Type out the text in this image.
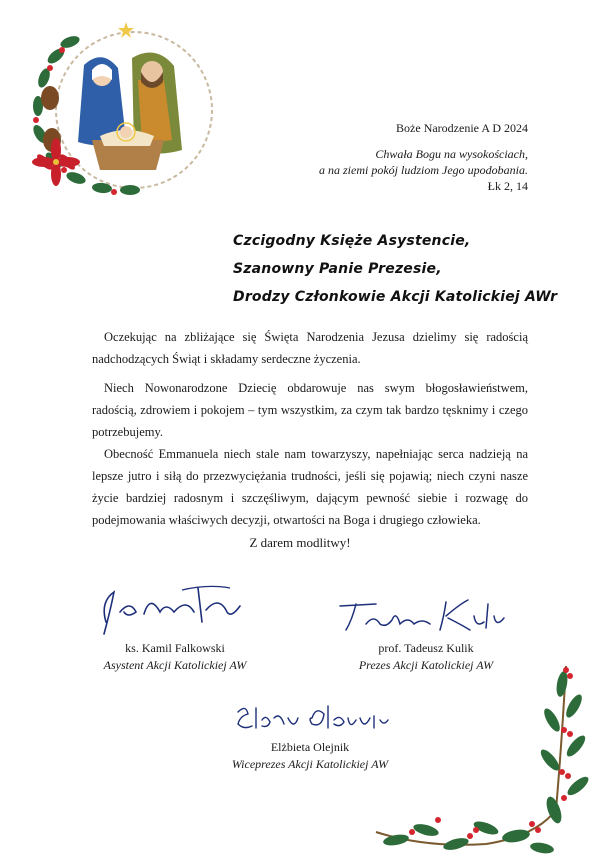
Boże Narodzenie A D 2024
Chwała Bogu na wysokościach,
a na ziemi pokój ludziom Jego upodobania.
Łk 2, 14
Czcigodny Księże Asystencie,
Szanowny Panie Prezesie,
Drodzy Członkowie Akcji Katolickiej AWr
Oczekując na zbliżające się Święta Narodzenia Jezusa dzielimy się radością nadchodzących Świąt i składamy serdeczne życzenia.
Niech Nowonarodzone Dziecię obdarowuje nas swym błogosławieństwem, radością, zdrowiem i pokojem – tym wszystkim, za czym tak bardzo tęsknimy i czego potrzebujemy.
Obecność Emmanuela niech stale nam towarzyszy, napełniając serca nadzieją na lepsze jutro i siłą do przezwyciężania trudności, jeśli się pojawią; niech czyni nasze życie bardziej radosnym i szczęśliwym, dającym pewność siebie i rozwagę do podejmowania właściwych decyzji, otwartości na Boga i drugiego człowieka.
Z darem modlitwy!
ks. Kamil Falkowski
Asystent Akcji Katolickiej AW
prof. Tadeusz Kulik
Prezes Akcji Katolickiej AW
Elżbieta Olejnik
Wiceprezes Akcji Katolickiej AW
